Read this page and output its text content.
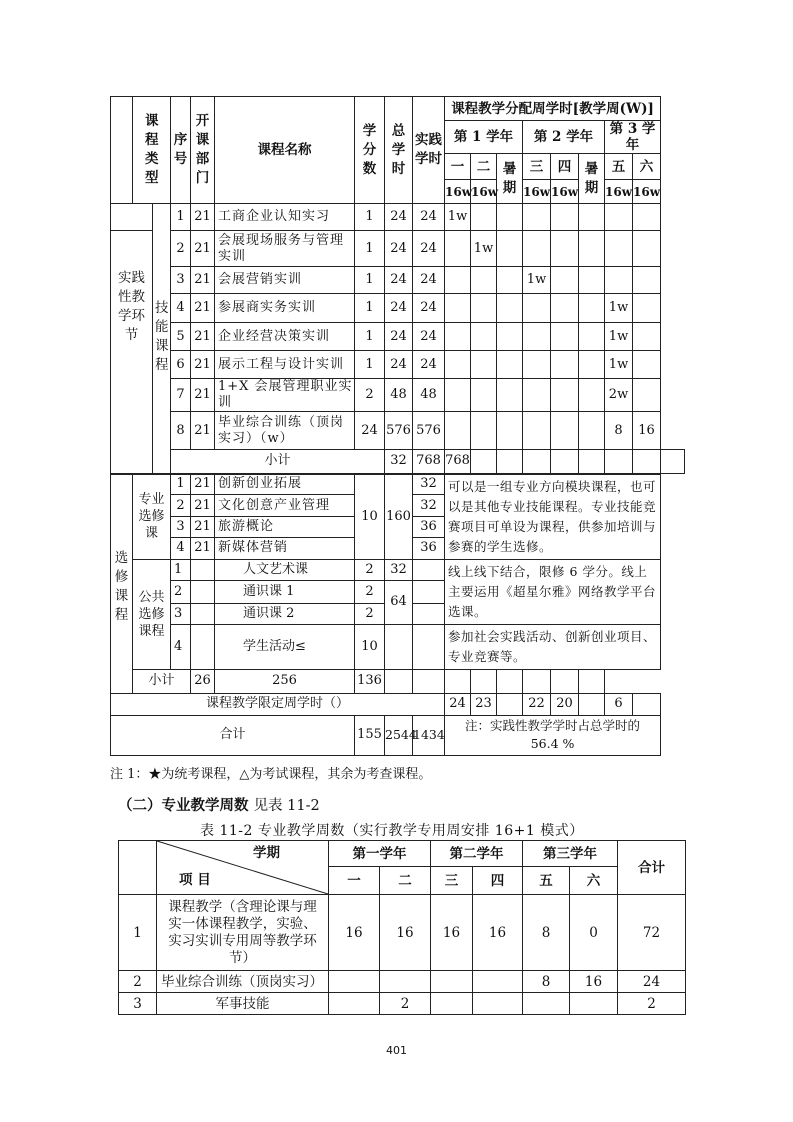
	课程类型		序号	开课部门	课程名称	学分数	总学时	实践学时	课程教学分配周学时[教学周(W)]								
									第 1 学年			第 2 学年			第 3 学年		
									一	二	暑期	三	四	暑期	五	六	
									16w	16w		16w	16w		16w	16w	
		技能课程	1	21	工商企业认知实习	1	24	24	1w								
实践性教学环节			2	21	会展现场服务与管理实训	1	24	24		1w							
			3	21	会展营销实训	1	24	24				1w					
			4	21	参展商实务实训	1	24	24							1w		
			5	21	企业经营决策实训	1	24	24							1w		
			6	21	展示工程与设计实训	1	24	24							1w		
			7	21	1+X 会展管理职业实训	2	48	48							2w		
			8	21	毕业综合训练（顶岗实习）（w）	24	576	576							8	16	
			小计				32	768	768								
选修课程	专业选修课		1	21	创新创业拓展	10	160	32	可以是一组专业方向模块课程，也可以是其他专业技能课程。专业技能竞赛项目可单设为课程，供参加培训与参赛的学生选修。								
			2	21	文化创意产业管理			32									
			3	21	旅游概论			36									
			4	21	新媒体营销			36									
	公共选修课程		1		人文艺术课	2	32		线上线下结合，限修 6 学分。线上主要运用《超星尔雅》网络教学平台选课。								
			2		通识课 1	2	64										
			3		通识课 2	2											
			4		学生活动≤	10			参加社会实践活动、创新创业项目、专业竞赛等。								
	小计			26	256	136											
课程教学限定周学时（）									24	23		22	20		6		
合计						155	2544	1434	注：实践性教学学时占总学时的 56.4 %								
注 1：★为统考课程，△为考试课程，其余为考查课程。
（二）专业教学周数 见表 11-2
表 11-2 专业教学周数（实行教学专用周安排 16+1 模式）

	学期
项 目	第一学年		第二学年		第三学年		合计
		一	二	三	四	五	六	
1	课程教学（含理论课与理实一体课程教学，实验、实习实训专用周等教学环节）	16	16	16	16	8	0	72
2	毕业综合训练（顶岗实习）					8	16	24
3	军事技能		2					2
401
